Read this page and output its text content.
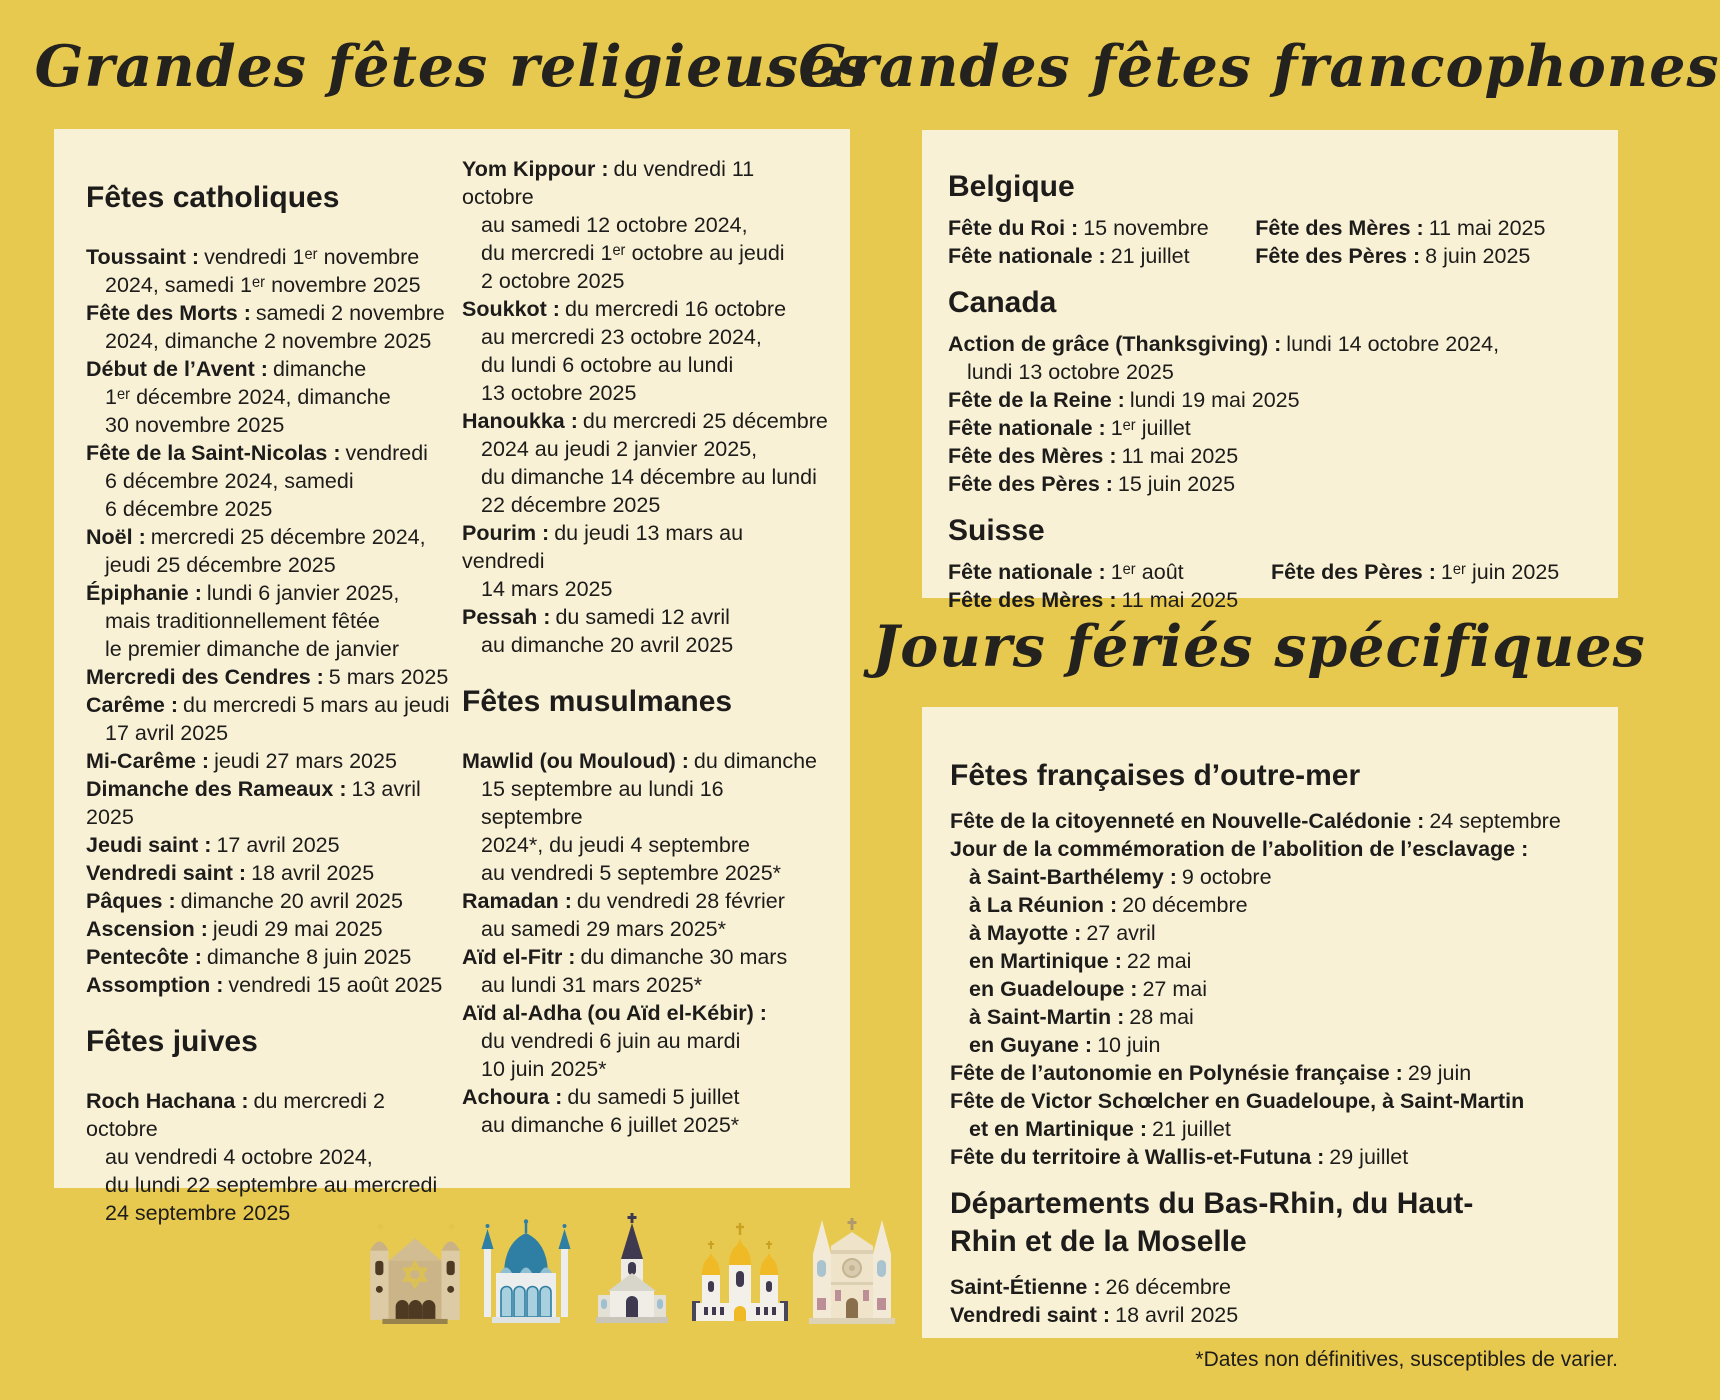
Grandes fêtes religieuses
Grandes fêtes francophones
Jours fériés spécifiques
Fêtes catholiques

Toussaint : vendredi 1ᵉʳ novembre

2024, samedi 1ᵉʳ novembre 2025

Fête des Morts : samedi 2 novembre

2024, dimanche 2 novembre 2025

Début de l’Avent : dimanche

1ᵉʳ décembre 2024, dimanche

30 novembre 2025

Fête de la Saint-Nicolas : vendredi

6 décembre 2024, samedi

6 décembre 2025

Noël : mercredi 25 décembre 2024,

jeudi 25 décembre 2025

Épiphanie : lundi 6 janvier 2025,

mais traditionnellement fêtée

le premier dimanche de janvier

Mercredi des Cendres : 5 mars 2025

Carême : du mercredi 5 mars au jeudi

17 avril 2025

Mi-Carême : jeudi 27 mars 2025

Dimanche des Rameaux : 13 avril 2025

Jeudi saint : 17 avril 2025

Vendredi saint : 18 avril 2025

Pâques : dimanche 20 avril 2025

Ascension : jeudi 29 mai 2025

Pentecôte : dimanche 8 juin 2025

Assomption : vendredi 15 août 2025

Fêtes juives

Roch Hachana : du mercredi 2 octobre

au vendredi 4 octobre 2024,

du lundi 22 septembre au mercredi

24 septembre 2025

Yom Kippour : du vendredi 11 octobre

au samedi 12 octobre 2024,

du mercredi 1ᵉʳ octobre au jeudi

2 octobre 2025

Soukkot : du mercredi 16 octobre

au mercredi 23 octobre 2024,

du lundi 6 octobre au lundi

13 octobre 2025

Hanoukka : du mercredi 25 décembre

2024 au jeudi 2 janvier 2025,

du dimanche 14 décembre au lundi

22 décembre 2025

Pourim : du jeudi 13 mars au vendredi

14 mars 2025

Pessah : du samedi 12 avril

au dimanche 20 avril 2025

Fêtes musulmanes

Mawlid (ou Mouloud) : du dimanche

15 septembre au lundi 16 septembre

2024*, du jeudi 4 septembre

au vendredi 5 septembre 2025*

Ramadan : du vendredi 28 février

au samedi 29 mars 2025*

Aïd el-Fitr : du dimanche 30 mars

au lundi 31 mars 2025*

Aïd al-Adha (ou Aïd el-Kébir) :

du vendredi 6 juin au mardi

10 juin 2025*

Achoura : du samedi 5 juillet

au dimanche 6 juillet 2025*

Belgique

Fête du Roi : 15 novembre

Fête nationale : 21 juillet

Fête des Mères : 11 mai 2025

Fête des Pères : 8 juin 2025

Canada

Action de grâce (Thanksgiving) : lundi 14 octobre 2024,

lundi 13 octobre 2025

Fête de la Reine : lundi 19 mai 2025

Fête nationale : 1ᵉʳ juillet

Fête des Mères : 11 mai 2025

Fête des Pères : 15 juin 2025

Suisse

Fête nationale : 1ᵉʳ août

Fête des Mères : 11 mai 2025

Fête des Pères : 1ᵉʳ juin 2025

Fêtes françaises d’outre-mer

Fête de la citoyenneté en Nouvelle-Calédonie : 24 septembre

Jour de la commémoration de l’abolition de l’esclavage :

à Saint-Barthélemy : 9 octobre

à La Réunion : 20 décembre

à Mayotte : 27 avril

en Martinique : 22 mai

en Guadeloupe : 27 mai

à Saint-Martin : 28 mai

en Guyane : 10 juin

Fête de l’autonomie en Polynésie française : 29 juin

Fête de Victor Schœlcher en Guadeloupe, à Saint-Martin

et en Martinique : 21 juillet

Fête du territoire à Wallis-et-Futuna : 29 juillet

Départements du Bas-Rhin, du Haut-Rhin et de la Moselle

Saint-Étienne : 26 décembre

Vendredi saint : 18 avril 2025

*Dates non définitives, susceptibles de varier.
